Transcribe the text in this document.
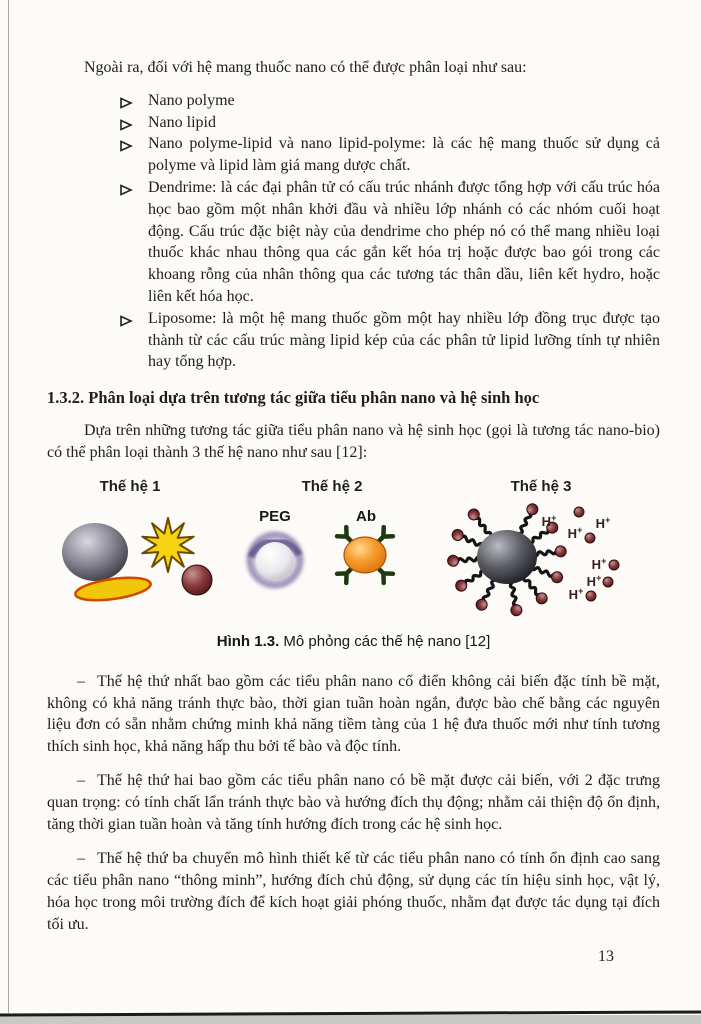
Ngoài ra, đối với hệ mang thuốc nano có thể được phân loại như sau:

Nano polyme
Nano lipid
Nano polyme-lipid và nano lipid-polyme: là các hệ mang thuốc sử dụng cả polyme và lipid làm giá mang dược chất.
Dendrime: là các đại phân tử có cấu trúc nhánh được tổng hợp với cấu trúc hóa học bao gồm một nhân khởi đầu và nhiều lớp nhánh có các nhóm cuối hoạt động. Cấu trúc đặc biệt này của dendrime cho phép nó có thể mang nhiều loại thuốc khác nhau thông qua các gắn kết hóa trị hoặc được bao gói trong các khoang rỗng của nhân thông qua các tương tác thân dầu, liên kết hydro, hoặc liên kết hóa học.
Liposome: là một hệ mang thuốc gồm một hay nhiều lớp đồng trục được tạo thành từ các cấu trúc màng lipid kép của các phân tử lipid lưỡng tính tự nhiên hay tổng hợp.
1.3.2. Phân loại dựa trên tương tác giữa tiểu phân nano và hệ sinh học

Dựa trên những tương tác giữa tiểu phân nano và hệ sinh học (gọi là tương tác nano-bio) có thể phân loại thành 3 thế hệ nano như sau [12]:

Thế hệ 1	Thế hệ 2	Thế hệ 3
PEG	Ab	H+
H+ H+
H+
H+
H+
Hình 1.3. Mô phỏng các thế hệ nano [12]

– Thế hệ thứ nhất bao gồm các tiểu phân nano cổ điển không cải biến đặc tính bề mặt, không có khả năng tránh thực bào, thời gian tuần hoàn ngắn, được bào chế bằng các nguyên liệu đơn có sẵn nhằm chứng minh khả năng tiềm tàng của 1 hệ đưa thuốc mới như tính tương thích sinh học, khả năng hấp thu bởi tế bào và độc tính.

– Thế hệ thứ hai bao gồm các tiểu phân nano có bề mặt được cải biến, với 2 đặc trưng quan trọng: có tính chất lẩn tránh thực bào và hướng đích thụ động; nhằm cải thiện độ ổn định, tăng thời gian tuần hoàn và tăng tính hướng đích trong các hệ sinh học.

– Thế hệ thứ ba chuyển mô hình thiết kế từ các tiểu phân nano có tính ổn định cao sang các tiểu phân nano “thông minh”, hướng đích chủ động, sử dụng các tín hiệu sinh học, vật lý, hóa học trong môi trường đích để kích hoạt giải phóng thuốc, nhằm đạt được tác dụng tại đích tối ưu.

13
